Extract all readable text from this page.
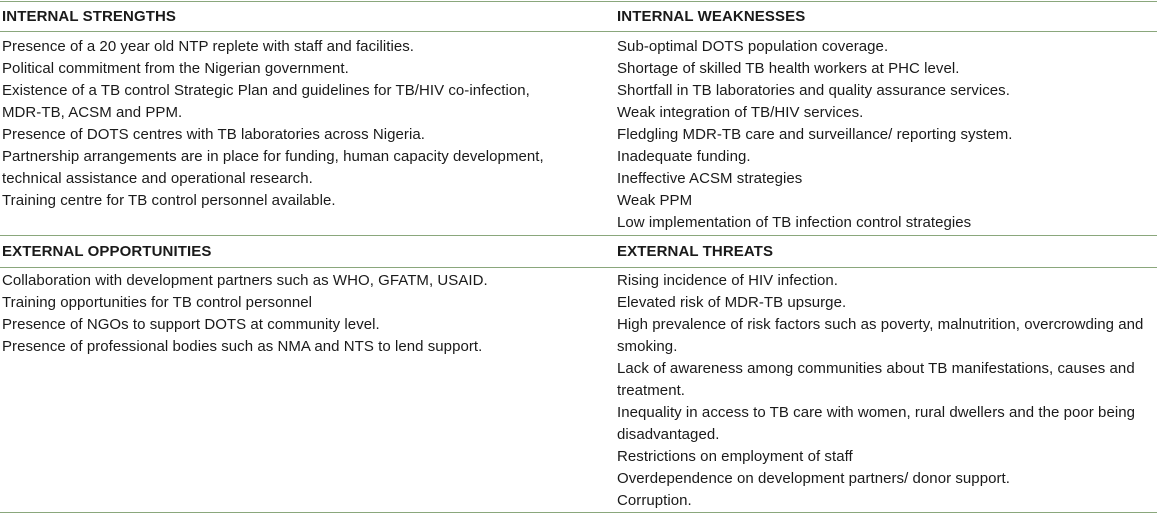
INTERNAL STRENGTHS	INTERNAL WEAKNESSES
Presence of a 20 year old NTP replete with staff and facilities.
Political commitment from the Nigerian government.
Existence of a TB control Strategic Plan and guidelines for TB/HIV co-infection, MDR-TB, ACSM and PPM.
Presence of DOTS centres with TB laboratories across Nigeria.
Partnership arrangements are in place for funding, human capacity development, technical assistance and operational research.
Training centre for TB control personnel available.
Sub-optimal DOTS population coverage.
Shortage of skilled TB health workers at PHC level.
Shortfall in TB laboratories and quality assurance services.
Weak integration of TB/HIV services.
Fledgling MDR-TB care and surveillance/ reporting system.
Inadequate funding.
Ineffective ACSM strategies
Weak PPM
Low implementation of TB infection control strategies
EXTERNAL OPPORTUNITIES	EXTERNAL THREATS
Collaboration with development partners such as WHO, GFATM, USAID.
Training opportunities for TB control personnel
Presence of NGOs to support DOTS at community level.
Presence of professional bodies such as NMA and NTS to lend support.
Rising incidence of HIV infection.
Elevated risk of MDR-TB upsurge.
High prevalence of risk factors such as poverty, malnutrition, overcrowding and smoking.
Lack of awareness among communities about TB manifestations, causes and treatment.
Inequality in access to TB care with women, rural dwellers and the poor being disadvantaged.
Restrictions on employment of staff
Overdependence on development partners/ donor support.
Corruption.
